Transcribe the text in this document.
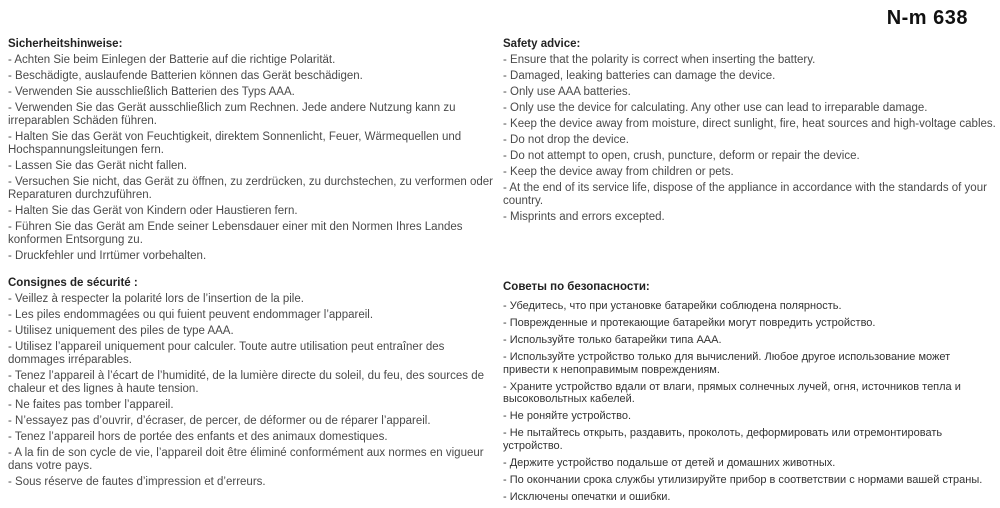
N-m 638
Sicherheitshinweise:

- Achten Sie beim Einlegen der Batterie auf die richtige Polarität.

- Beschädigte, auslaufende Batterien können das Gerät beschädigen.

- Verwenden Sie ausschließlich Batterien des Typs AAA.

- Verwenden Sie das Gerät ausschließlich zum Rechnen. Jede andere Nutzung kann zu irreparablen Schäden führen.

- Halten Sie das Gerät von Feuchtigkeit, direktem Sonnenlicht, Feuer, Wärmequellen und Hochspannungsleitungen fern.

- Lassen Sie das Gerät nicht fallen.

- Versuchen Sie nicht, das Gerät zu öffnen, zu zerdrücken, zu durchstechen, zu verformen oder Reparaturen durchzuführen.

- Halten Sie das Gerät von Kindern oder Haustieren fern.

- Führen Sie das Gerät am Ende seiner Lebensdauer einer mit den Normen Ihres Landes konformen Entsorgung zu.

- Druckfehler und Irrtümer vorbehalten.

Consignes de sécurité :

- Veillez à respecter la polarité lors de l’insertion de la pile.

- Les piles endommagées ou qui fuient peuvent endommager l’appareil.

- Utilisez uniquement des piles de type AAA.

- Utilisez l’appareil uniquement pour calculer. Toute autre utilisation peut entraîner des dommages irréparables.

- Tenez l’appareil à l’écart de l’humidité, de la lumière directe du soleil, du feu, des sources de chaleur et des lignes à haute tension.

- Ne faites pas tomber l’appareil.

- N’essayez pas d’ouvrir, d’écraser, de percer, de déformer ou de réparer l’appareil.

- Tenez l’appareil hors de portée des enfants et des animaux domestiques.

- A la fin de son cycle de vie, l’appareil doit être éliminé conformément aux normes en vigueur dans votre pays.

- Sous réserve de fautes d’impression et d’erreurs.

Safety advice:

- Ensure that the polarity is correct when inserting the battery.

- Damaged, leaking batteries can damage the device.

- Only use AAA batteries.

- Only use the device for calculating. Any other use can lead to irreparable damage.

- Keep the device away from moisture, direct sunlight, fire, heat sources and high-voltage cables.

- Do not drop the device.

- Do not attempt to open, crush, puncture, deform or repair the device.

- Keep the device away from children or pets.

- At the end of its service life, dispose of the appliance in accordance with the standards of your country.

- Misprints and errors excepted.

Советы по безопасности:

- Убедитесь, что при установке батарейки соблюдена полярность.

- Поврежденные и протекающие батарейки могут повредить устройство.

- Используйте только батарейки типа AAA.

- Используйте устройство только для вычислений. Любое другое использование может привести к непоправимым повреждениям.

- Храните устройство вдали от влаги, прямых солнечных лучей, огня, источников тепла и высоковольтных кабелей.

- Не роняйте устройство.

- Не пытайтесь открыть, раздавить, проколоть, деформировать или отремонтировать устройство.

- Держите устройство подальше от детей и домашних животных.

- По окончании срока службы утилизируйте прибор в соответствии с нормами вашей страны.

- Исключены опечатки и ошибки.
